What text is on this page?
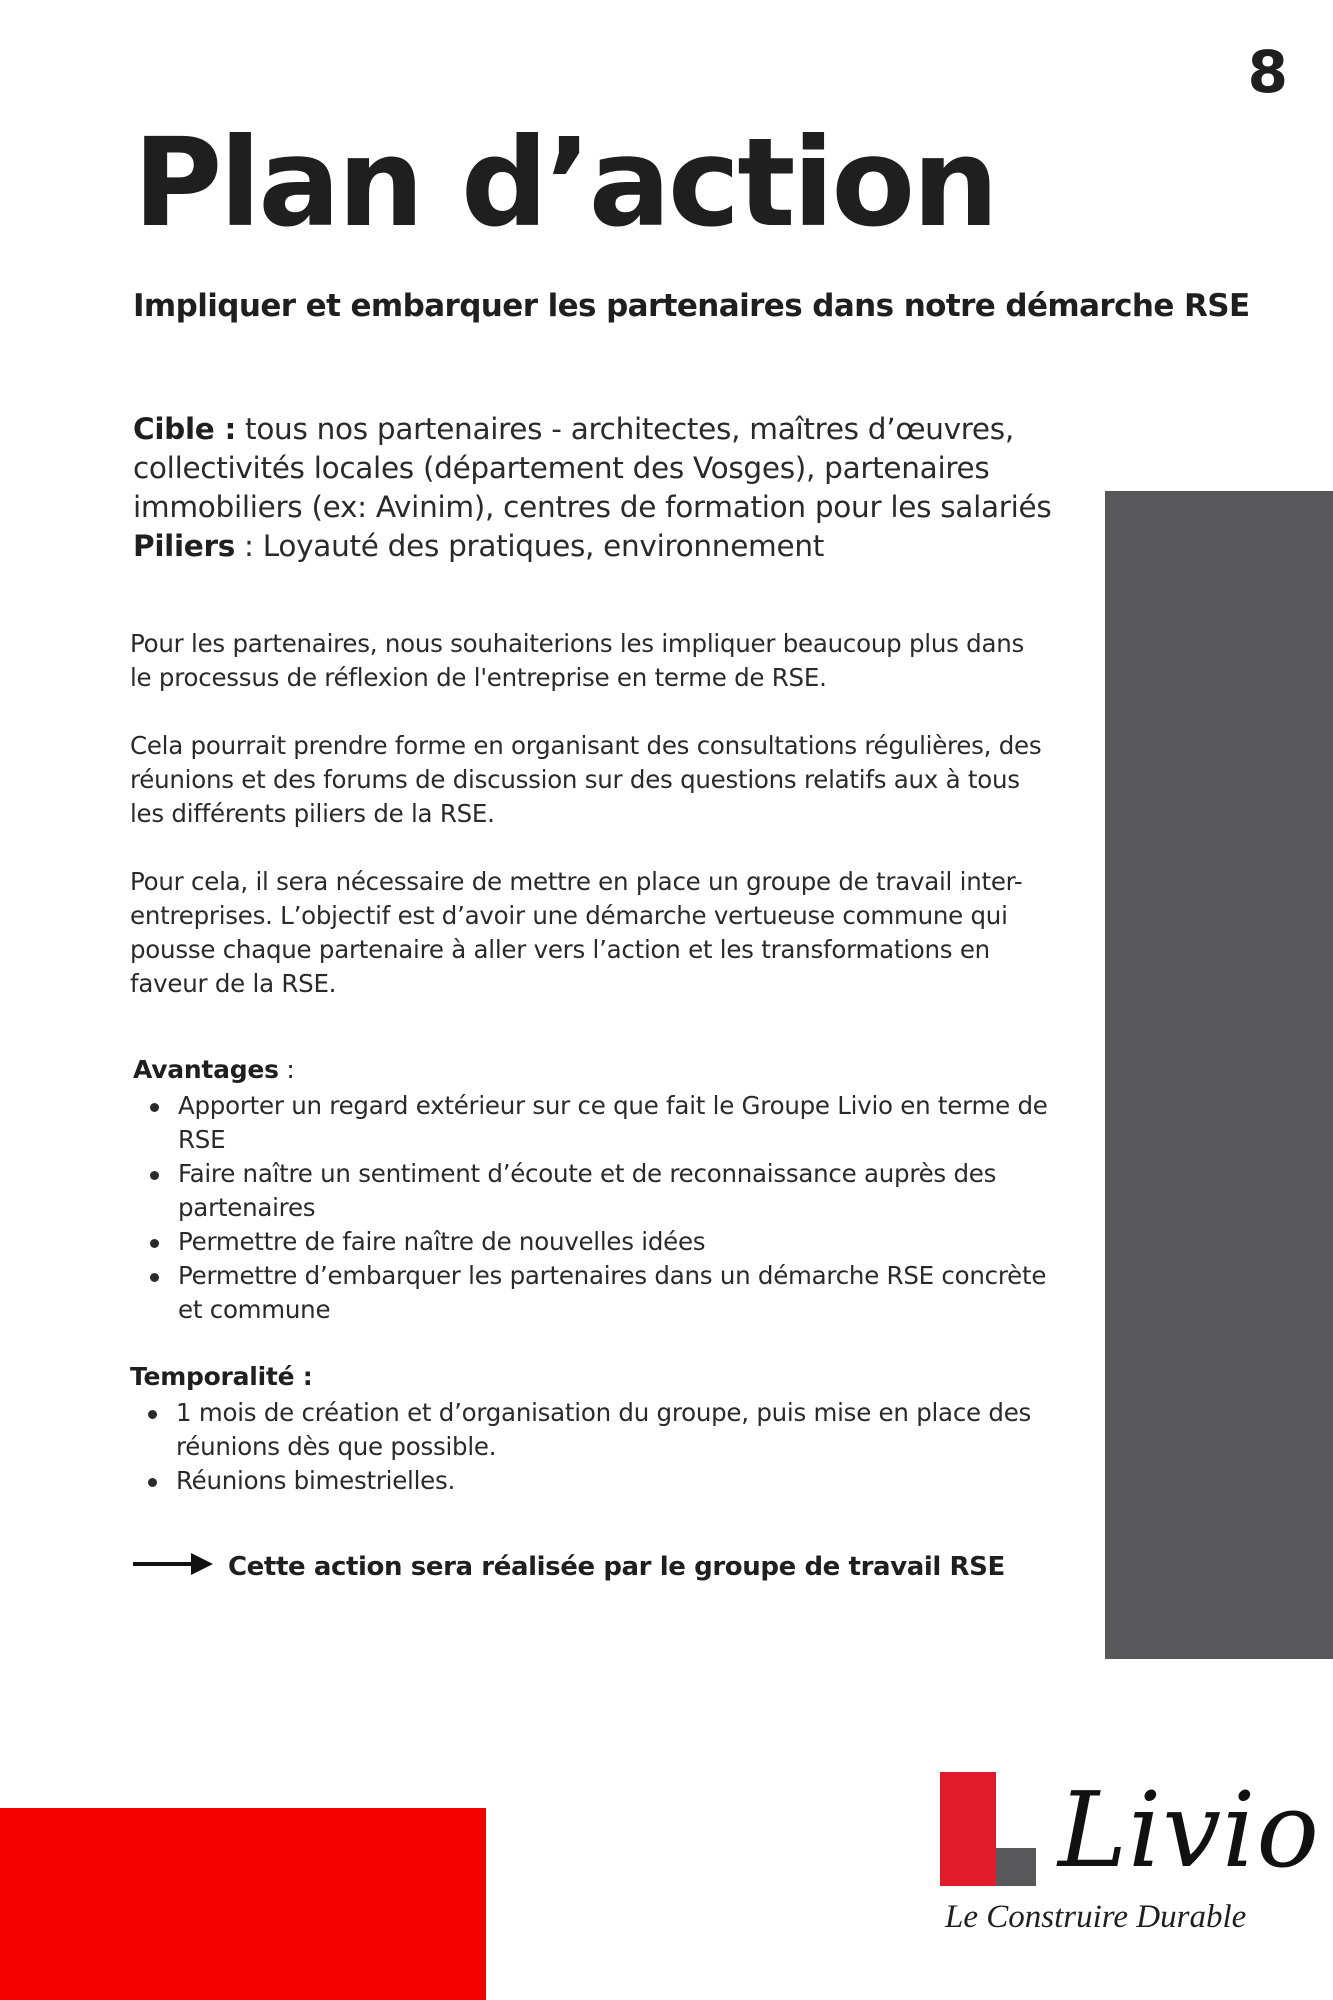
8
Plan d’action
Impliquer et embarquer les partenaires dans notre démarche RSE
Cible : tous nos partenaires - architectes, maîtres d’œuvres, collectivités locales (département des Vosges), partenaires immobiliers (ex: Avinim), centres de formation pour les salariés
Piliers : Loyauté des pratiques, environnement

Pour les partenaires, nous souhaiterions les impliquer beaucoup plus dans le processus de réflexion de l'entreprise en terme de RSE.

Cela pourrait prendre forme en organisant des consultations régulières, des réunions et des forums de discussion sur des questions relatifs aux à tous les différents piliers de la RSE.

Pour cela, il sera nécessaire de mettre en place un groupe de travail inter-entreprises. L’objectif est d’avoir une démarche vertueuse commune qui pousse chaque partenaire à aller vers l’action et les transformations en faveur de la RSE.

Avantages :
Apporter un regard extérieur sur ce que fait le Groupe Livio en terme de RSE
Faire naître un sentiment d’écoute et de reconnaissance auprès des partenaires
Permettre de faire naître de nouvelles idées
Permettre d’embarquer les partenaires dans un démarche RSE concrète et commune
Temporalité :
1 mois de création et d’organisation du groupe, puis mise en place des réunions dès que possible.
Réunions bimestrielles.

Cette action sera réalisée par le groupe de travail RSE

Livio

Le Construire Durable
